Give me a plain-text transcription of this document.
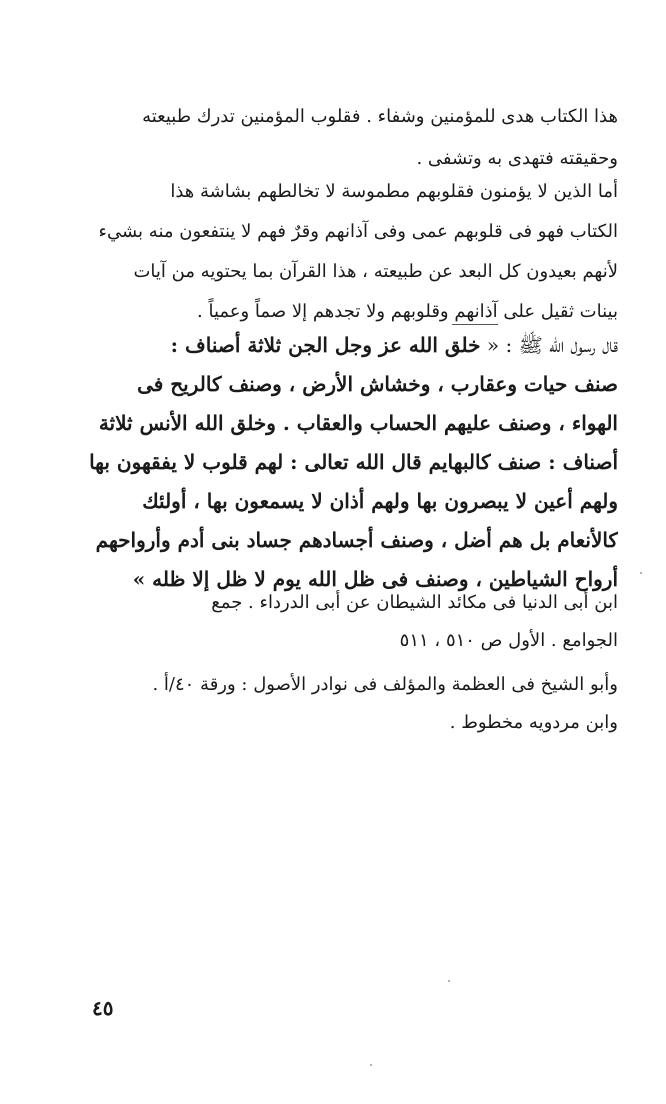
هذا الكتاب هدى للمؤمنين وشفاء . فقلوب المؤمنين تدرك طبيعته
وحقيقته فتهدى به وتشفى .
أما الذين لا يؤمنون فقلوبهم مطموسة لا تخالطهم بشاشة هذا
الكتاب فهو فى قلوبهم عمى وفى آذانهم وقرٌ فهم لا ينتفعون منه بشيء
لأنهم بعيدون كل البعد عن طبيعته ، هذا القرآن بما يحتويه من آيات
بينات ثقيل على آذانهم وقلوبهم ولا تجدهم إلا صماً وعمياً .
قال رسول الله ﷺ : « خلق الله عز وجل الجن ثلاثة أصناف :
صنف حيات وعقارب ، وخشاش الأرض ، وصنف كالريح فى
الهواء ، وصنف عليهم الحساب والعقاب . وخلق الله الأنس ثلاثة
أصناف : صنف كالبهايم قال الله تعالى : لهم قلوب لا يفقهون بها
ولهم أعين لا يبصرون بها ولهم أذان لا يسمعون بها ، أولئك
كالأنعام بل هم أضل ، وصنف أجسادهم جساد بنى أدم وأرواحهم
أرواح الشياطين ، وصنف فى ظل الله يوم لا ظل إلا ظله »
ابن أبى الدنيا فى مكائد الشيطان عن أبى الدرداء . جمع
الجوامع . الأول ص ٥١٠ ، ٥١١
وأبو الشيخ فى العظمة والمؤلف فى نوادر الأصول : ورقة ٤٠/أ .
وابن مردويه مخطوط .
٤٥
